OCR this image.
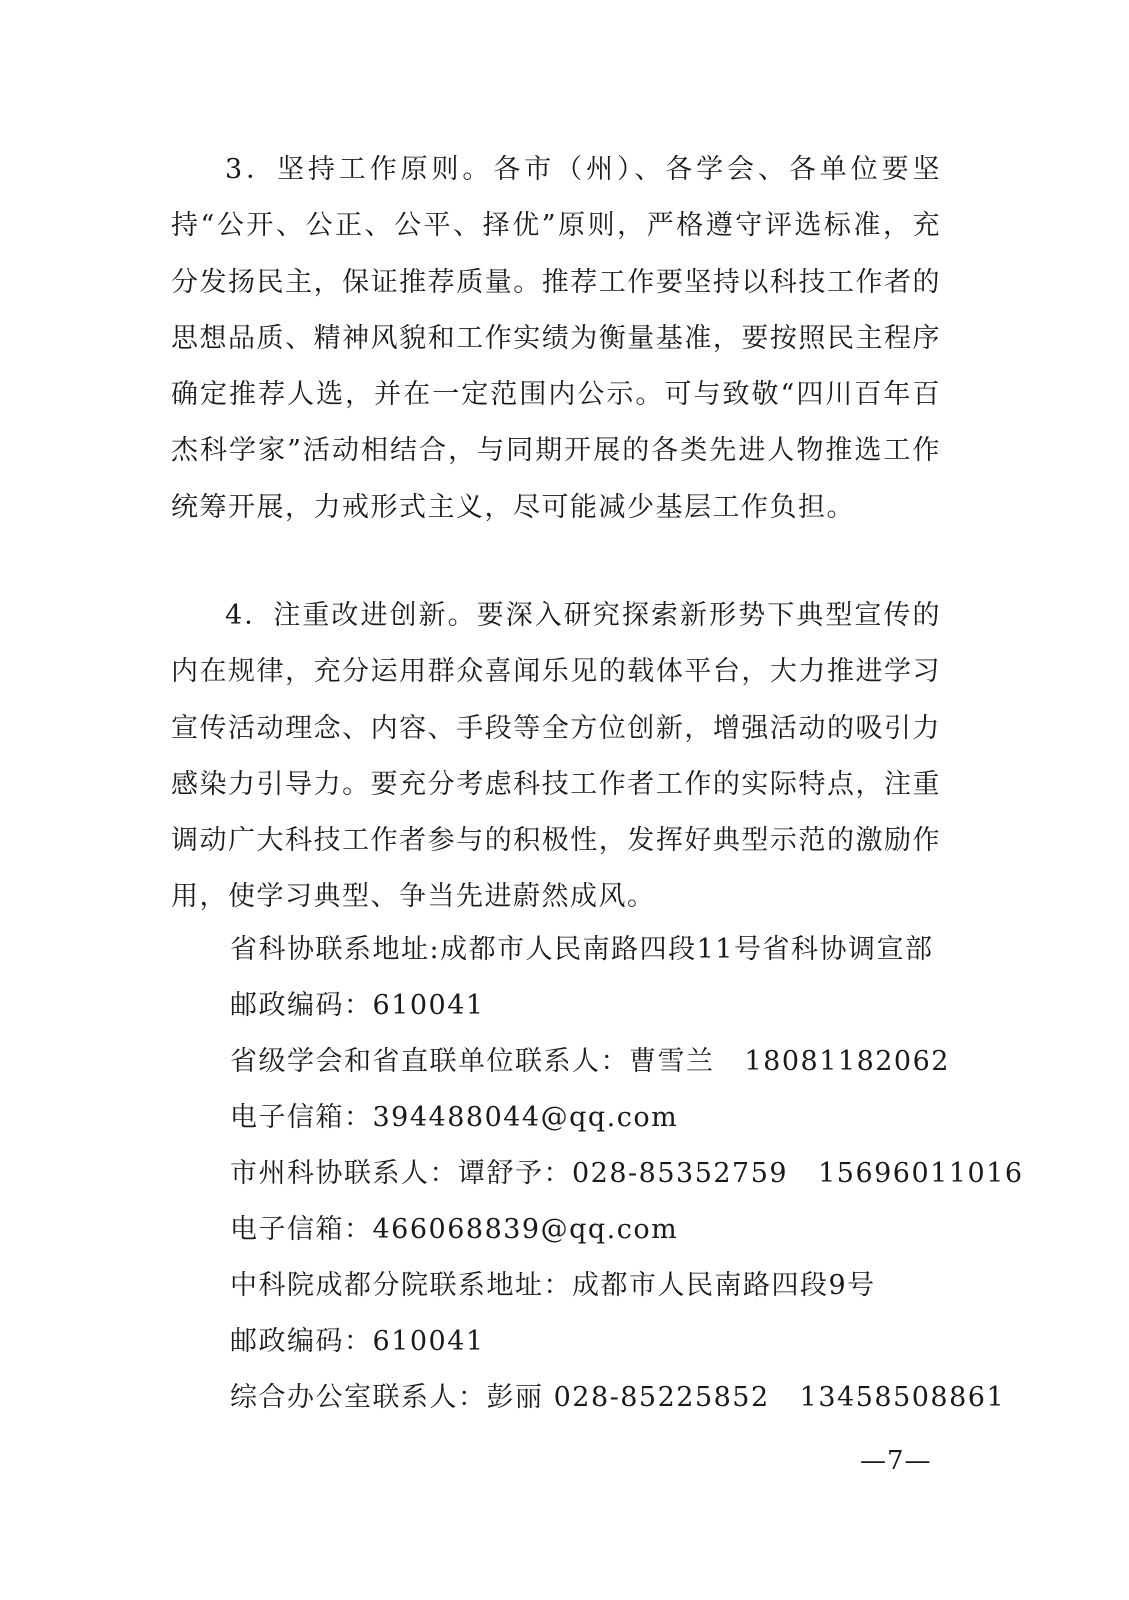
3．坚持工作原则。各市（州）、各学会、各单位要坚持“公开、公正、公平、择优”原则，严格遵守评选标准，充分发扬民主，保证推荐质量。推荐工作要坚持以科技工作者的思想品质、精神风貌和工作实绩为衡量基准，要按照民主程序确定推荐人选，并在一定范围内公示。可与致敬“四川百年百杰科学家”活动相结合，与同期开展的各类先进人物推选工作统筹开展，力戒形式主义，尽可能减少基层工作负担。

4．注重改进创新。要深入研究探索新形势下典型宣传的内在规律，充分运用群众喜闻乐见的载体平台，大力推进学习宣传活动理念、内容、手段等全方位创新，增强活动的吸引力感染力引导力。要充分考虑科技工作者工作的实际特点，注重调动广大科技工作者参与的积极性，发挥好典型示范的激励作用，使学习典型、争当先进蔚然成风。

省科协联系地址:成都市人民南路四段11号省科协调宣部
邮政编码：610041
省级学会和省直联单位联系人：曹雪兰 18081182062
电子信箱：394488044@qq.com
市州科协联系人：谭舒予：028-85352759 15696011016
电子信箱：466068839@qq.com
中科院成都分院联系地址：成都市人民南路四段9号
邮政编码：610041
综合办公室联系人：彭丽 028-85225852 13458508861
—7—
